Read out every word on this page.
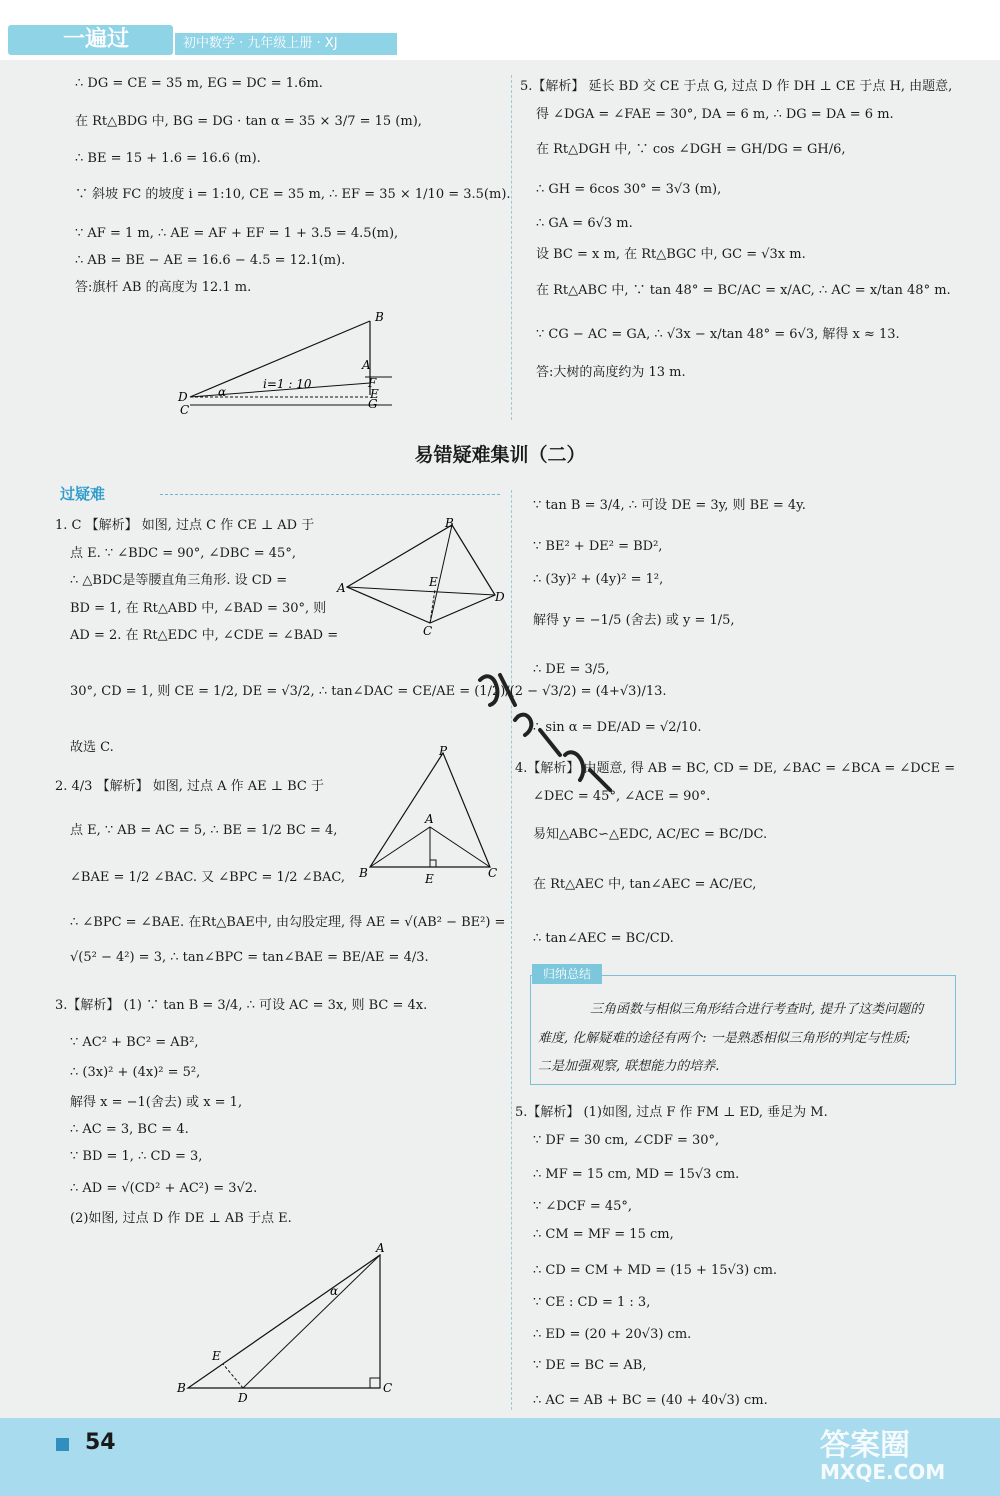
一遍过	初中数学 · 九年级上册 · XJ
∴ DG = CE = 35 m, EG = DC = 1.6m.
在 Rt△BDG 中, BG = DG · tan α = 35 × 3/7 = 15 (m),
∴ BE = 15 + 1.6 = 16.6 (m).
∵ 斜坡 FC 的坡度 i = 1:10, CE = 35 m, ∴ EF = 35 × 1/10 = 3.5(m).
∵ AF = 1 m, ∴ AE = AF + EF = 1 + 3.5 = 4.5(m),
∴ AB = BE − AE = 16.6 − 4.5 = 12.1(m).
答:旗杆 AB 的高度为 12.1 m.
B
A
F
E
G
D
C
α
i=1 : 10
5.【解析】 延长 BD 交 CE 于点 G, 过点 D 作 DH ⊥ CE 于点 H, 由题意,
得 ∠DGA = ∠FAE = 30°, DA = 6 m, ∴ DG = DA = 6 m.
在 Rt△DGH 中, ∵ cos ∠DGH = GH/DG = GH/6,
∴ GH = 6cos 30° = 3√3 (m),
∴ GA = 6√3 m.
设 BC = x m, 在 Rt△BGC 中, GC = √3x m.
在 Rt△ABC 中, ∵ tan 48° = BC/AC = x/AC, ∴ AC = x/tan 48° m.
∵ CG − AC = GA, ∴ √3x − x/tan 48° = 6√3, 解得 x ≈ 13.
答:大树的高度约为 13 m.
易错疑难集训（二）
过疑难
1. C 【解析】 如图, 过点 C 作 CE ⊥ AD 于
点 E. ∵ ∠BDC = 90°, ∠DBC = 45°,
∴ △BDC是等腰直角三角形. 设 CD =
BD = 1, 在 Rt△ABD 中, ∠BAD = 30°, 则
AD = 2. 在 Rt△EDC 中, ∠CDE = ∠BAD =
30°, CD = 1, 则 CE = 1/2, DE = √3/2, ∴ tan∠DAC = CE/AE = (1/2)/(2 − √3/2) = (4+√3)/13.
故选 C.
2. 4/3 【解析】 如图, 过点 A 作 AE ⊥ BC 于
点 E, ∵ AB = AC = 5, ∴ BE = 1/2 BC = 4,
∠BAE = 1/2 ∠BAC. 又 ∠BPC = 1/2 ∠BAC,
∴ ∠BPC = ∠BAE. 在Rt△BAE中, 由勾股定理, 得 AE = √(AB² − BE²) =
√(5² − 4²) = 3, ∴ tan∠BPC = tan∠BAE = BE/AE = 4/3.
3.【解析】 (1) ∵ tan B = 3/4, ∴ 可设 AC = 3x, 则 BC = 4x.
∵ AC² + BC² = AB²,
∴ (3x)² + (4x)² = 5²,
解得 x = −1(舍去) 或 x = 1,
∴ AC = 3, BC = 4.
∵ BD = 1, ∴ CD = 3,
∴ AD = √(CD² + AC²) = 3√2.
(2)如图, 过点 D 作 DE ⊥ AB 于点 E.
B
A	E
D
C
P
A
B	E	C
A
α
E
B
D
C
∵ tan B = 3/4, ∴ 可设 DE = 3y, 则 BE = 4y.
∵ BE² + DE² = BD²,
∴ (3y)² + (4y)² = 1²,
解得 y = −1/5 (舍去) 或 y = 1/5,
∴ DE = 3/5,
∴ sin α = DE/AD = √2/10.
4.【解析】 由题意, 得 AB = BC, CD = DE, ∠BAC = ∠BCA = ∠DCE =
∠DEC = 45°, ∠ACE = 90°.
易知△ABC∽△EDC, AC/EC = BC/DC.
在 Rt△AEC 中, tan∠AEC = AC/EC,
∴ tan∠AEC = BC/CD.
归纳总结
三角函数与相似三角形结合进行考查时, 提升了这类问题的
难度, 化解疑难的途径有两个: 一是熟悉相似三角形的判定与性质;
二是加强观察, 联想能力的培养.
5.【解析】 (1)如图, 过点 F 作 FM ⊥ ED, 垂足为 M.
∵ DF = 30 cm, ∠CDF = 30°,
∴ MF = 15 cm, MD = 15√3 cm.
∵ ∠DCF = 45°,
∴ CM = MF = 15 cm,
∴ CD = CM + MD = (15 + 15√3) cm.
∵ CE : CD = 1 : 3,
∴ ED = (20 + 20√3) cm.
∵ DE = BC = AB,
∴ AC = AB + BC = (40 + 40√3) cm.
54	答案圈
MXQE.COM
